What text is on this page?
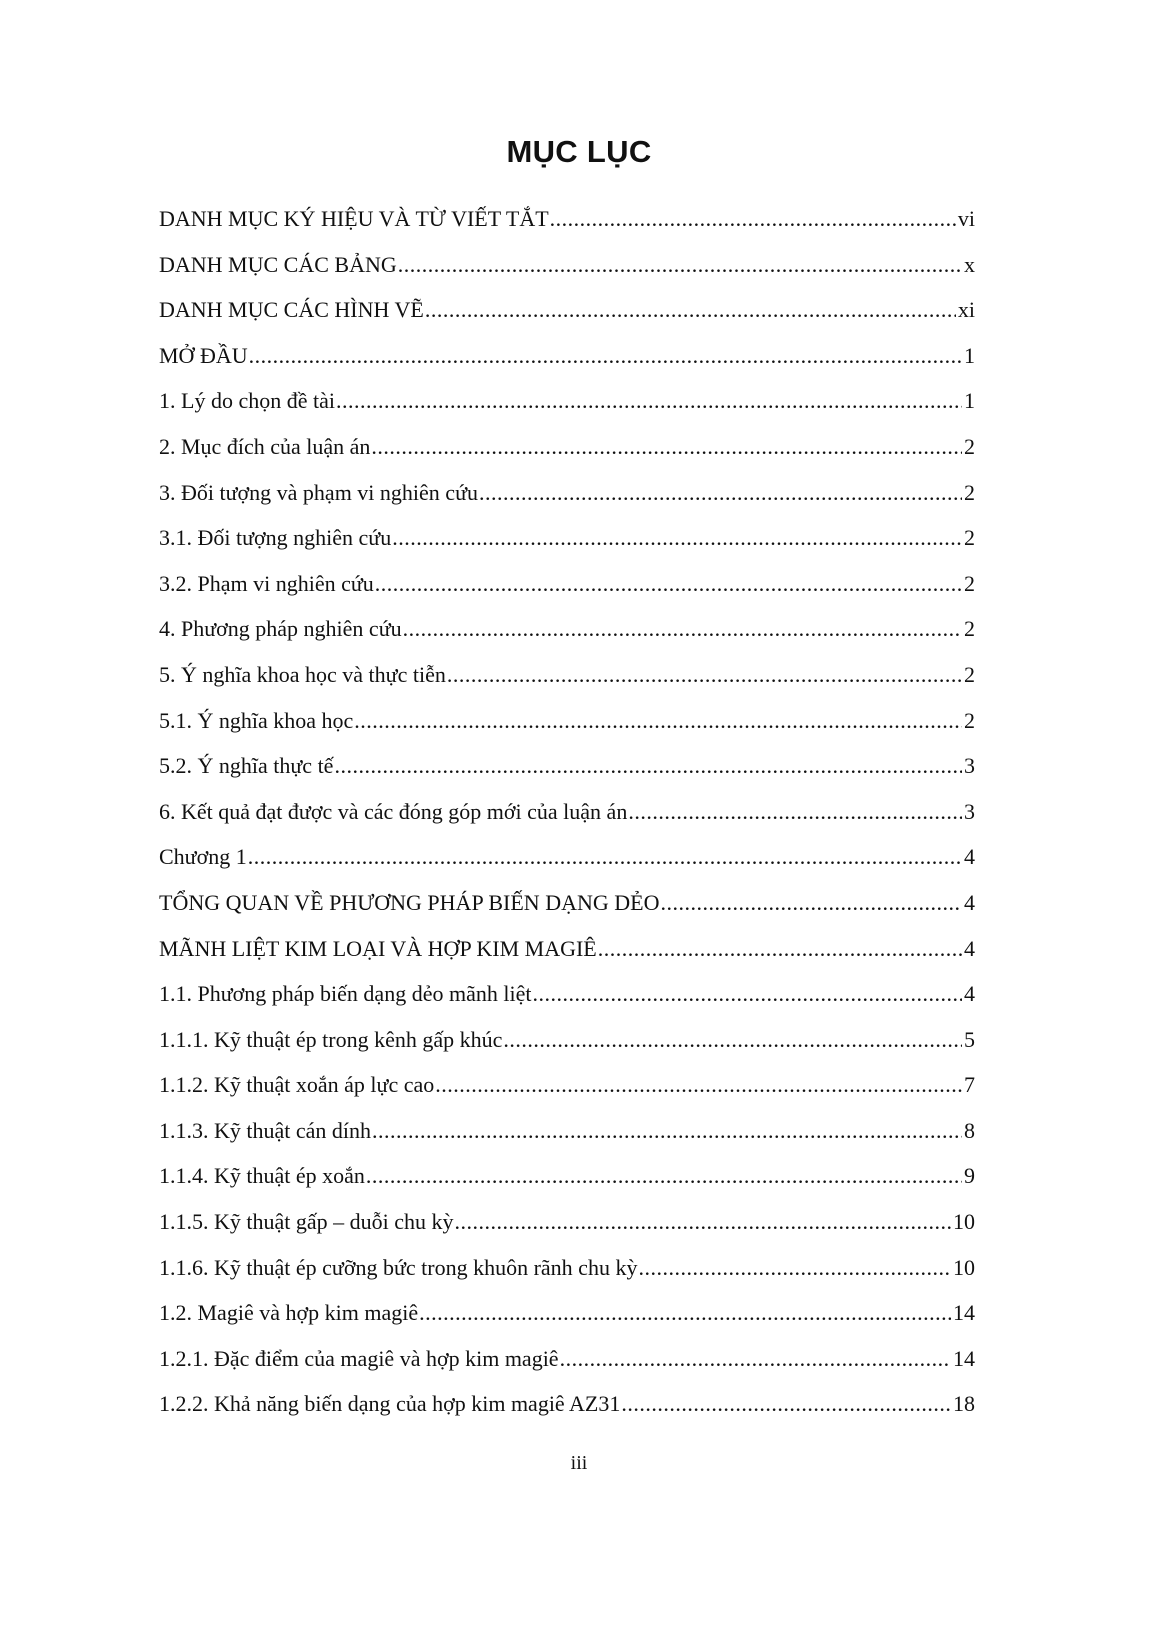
MỤC LỤC
DANH MỤC KÝ HIỆU VÀ TỪ VIẾT TẮT .....	vi
DANH MỤC CÁC BẢNG .....	x
DANH MỤC CÁC HÌNH VẼ .....	xi
MỞ ĐẦU .....	1
1. Lý do chọn đề tài .....	1
2. Mục đích của luận án .....	2
3. Đối tượng và phạm vi nghiên cứu .....	2
3.1. Đối tượng nghiên cứu .....	2
3.2. Phạm vi nghiên cứu .....	2
4. Phương pháp nghiên cứu .....	2
5. Ý nghĩa khoa học và thực tiễn .....	2
5.1. Ý nghĩa khoa học .....	2
5.2. Ý nghĩa thực tế .....	3
6. Kết quả đạt được và các đóng góp mới của luận án .....	3
Chương 1 .....	4
TỔNG QUAN VỀ PHƯƠNG PHÁP BIẾN DẠNG DẺO .....	4
MÃNH LIỆT KIM LOẠI VÀ HỢP KIM MAGIÊ .....	4
1.1. Phương pháp biến dạng dẻo mãnh liệt .....	4
1.1.1. Kỹ thuật ép trong kênh gấp khúc .....	5
1.1.2. Kỹ thuật xoắn áp lực cao .....	7
1.1.3. Kỹ thuật cán dính .....	8
1.1.4. Kỹ thuật ép xoắn .....	9
1.1.5. Kỹ thuật gấp – duỗi chu kỳ .....	10
1.1.6. Kỹ thuật ép cưỡng bức trong khuôn rãnh chu kỳ .....	10
1.2. Magiê và hợp kim magiê .....	14
1.2.1. Đặc điểm của magiê và hợp kim magiê .....	14
1.2.2. Khả năng biến dạng của hợp kim magiê AZ31 .....	18
iii
